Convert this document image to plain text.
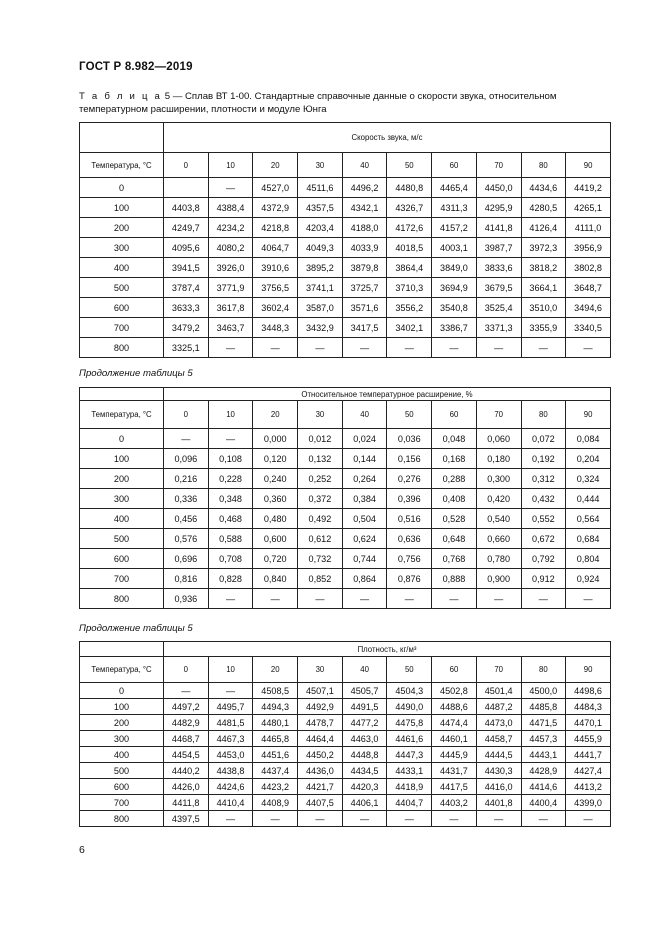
ГОСТ Р 8.982—2019
Т а б л и ц а 5 — Сплав ВТ 1-00. Стандартные справочные данные о скорости звука, относительном температурном расширении, плотности и модуле Юнга
	Скорость звука, м/с									
Температура, °С	0	10	20	30	40	50	60	70	80	90
0		—	4527,0	4511,6	4496,2	4480,8	4465,4	4450,0	4434,6	4419,2
100	4403,8	4388,4	4372,9	4357,5	4342,1	4326,7	4311,3	4295,9	4280,5	4265,1
200	4249,7	4234,2	4218,8	4203,4	4188,0	4172,6	4157,2	4141,8	4126,4	4111,0
300	4095,6	4080,2	4064,7	4049,3	4033,9	4018,5	4003,1	3987,7	3972,3	3956,9
400	3941,5	3926,0	3910,6	3895,2	3879,8	3864,4	3849,0	3833,6	3818,2	3802,8
500	3787,4	3771,9	3756,5	3741,1	3725,7	3710,3	3694,9	3679,5	3664,1	3648,7
600	3633,3	3617,8	3602,4	3587,0	3571,6	3556,2	3540,8	3525,4	3510,0	3494,6
700	3479,2	3463,7	3448,3	3432,9	3417,5	3402,1	3386,7	3371,3	3355,9	3340,5
800	3325,1	—	—	—	—	—	—	—	—	—
Продолжение таблицы 5
	Относительное температурное расширение, %									
Температура, °С	0	10	20	30	40	50	60	70	80	90
0	—	—	0,000	0,012	0,024	0,036	0,048	0,060	0,072	0,084
100	0,096	0,108	0,120	0,132	0,144	0,156	0,168	0,180	0,192	0,204
200	0,216	0,228	0,240	0,252	0,264	0,276	0,288	0,300	0,312	0,324
300	0,336	0,348	0,360	0,372	0,384	0,396	0,408	0,420	0,432	0,444
400	0,456	0,468	0,480	0,492	0,504	0,516	0,528	0,540	0,552	0,564
500	0,576	0,588	0,600	0,612	0,624	0,636	0,648	0,660	0,672	0,684
600	0,696	0,708	0,720	0,732	0,744	0,756	0,768	0,780	0,792	0,804
700	0,816	0,828	0,840	0,852	0,864	0,876	0,888	0,900	0,912	0,924
800	0,936	—	—	—	—	—	—	—	—	—
Продолжение таблицы 5
	Плотность, кг/м³									
Температура, °С	0	10	20	30	40	50	60	70	80	90
0	—	—	4508,5	4507,1	4505,7	4504,3	4502,8	4501,4	4500,0	4498,6
100	4497,2	4495,7	4494,3	4492,9	4491,5	4490,0	4488,6	4487,2	4485,8	4484,3
200	4482,9	4481,5	4480,1	4478,7	4477,2	4475,8	4474,4	4473,0	4471,5	4470,1
300	4468,7	4467,3	4465,8	4464,4	4463,0	4461,6	4460,1	4458,7	4457,3	4455,9
400	4454,5	4453,0	4451,6	4450,2	4448,8	4447,3	4445,9	4444,5	4443,1	4441,7
500	4440,2	4438,8	4437,4	4436,0	4434,5	4433,1	4431,7	4430,3	4428,9	4427,4
600	4426,0	4424,6	4423,2	4421,7	4420,3	4418,9	4417,5	4416,0	4414,6	4413,2
700	4411,8	4410,4	4408,9	4407,5	4406,1	4404,7	4403,2	4401,8	4400,4	4399,0
800	4397,5	—	—	—	—	—	—	—	—	—
6
